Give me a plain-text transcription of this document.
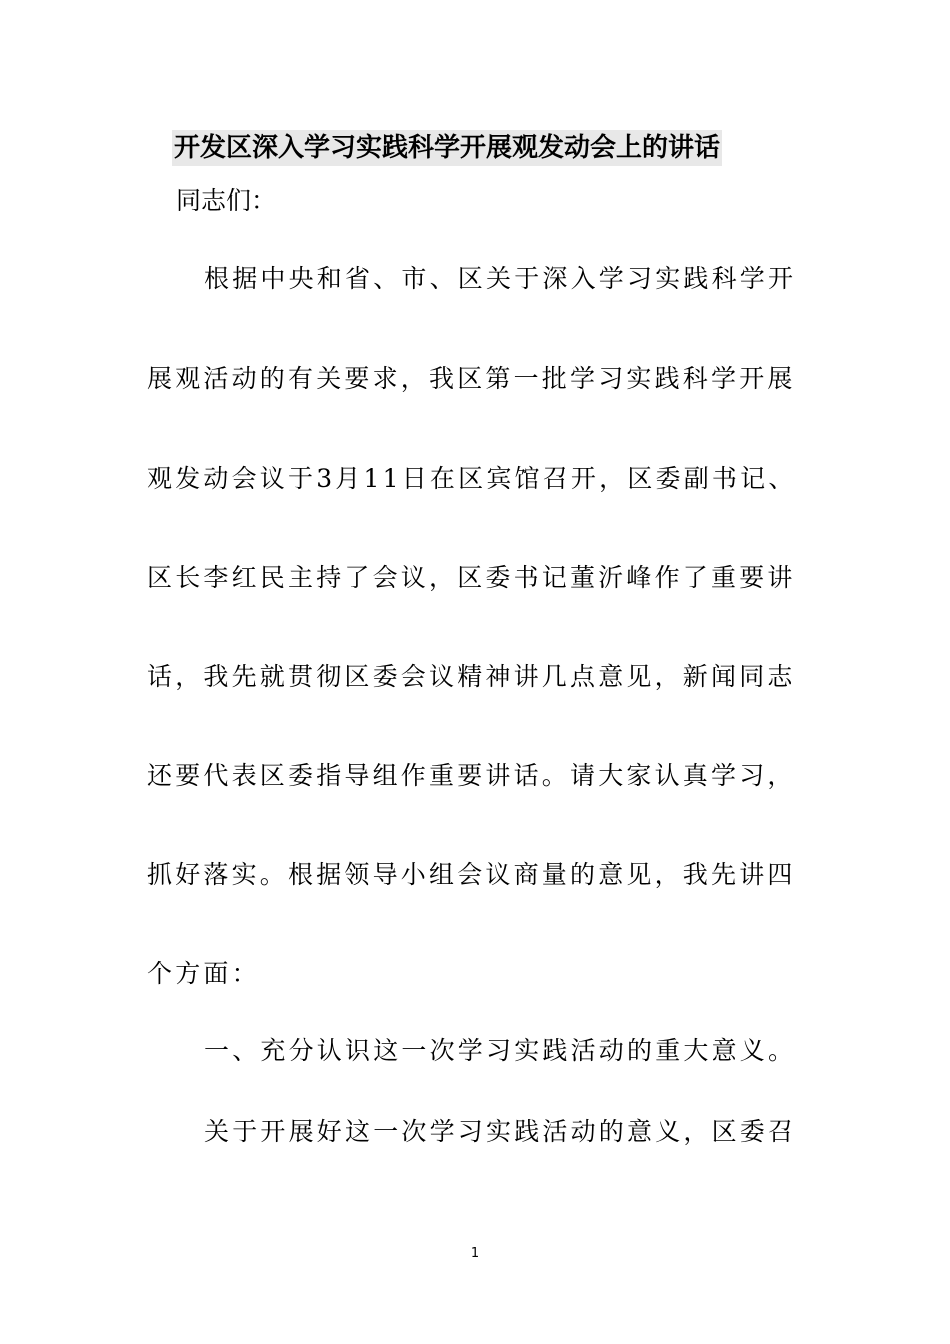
开发区深入学习实践科学开展观发动会上的讲话
同志们：
根据中央和省、市、区关于深入学习实践科学开
展观活动的有关要求，我区第一批学习实践科学开展
观发动会议于3月11日在区宾馆召开，区委副书记、
区长李红民主持了会议，区委书记董沂峰作了重要讲
话，我先就贯彻区委会议精神讲几点意见，新闻同志
还要代表区委指导组作重要讲话。请大家认真学习，
抓好落实。根据领导小组会议商量的意见，我先讲四
个方面：
一、充分认识这一次学习实践活动的重大意义。
关于开展好这一次学习实践活动的意义，区委召
1
